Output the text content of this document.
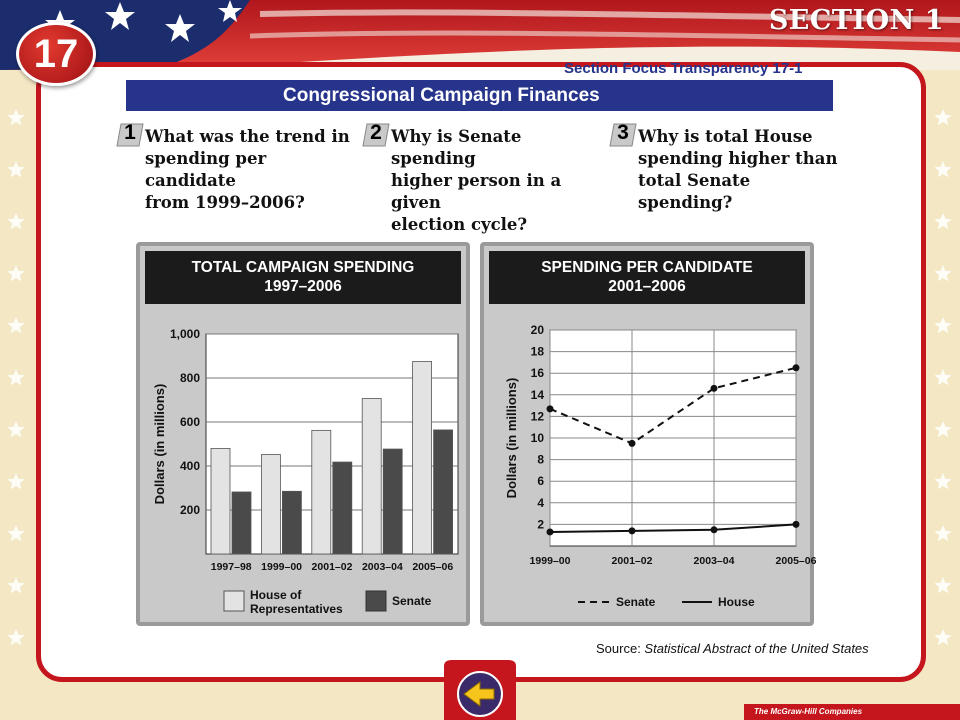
17
SECTION 1
Section Focus Transparency 17-1
Congressional Campaign Finances
1 What was the trend in
spending per candidate
from 1999–2006?
2 Why is Senate spending
higher person in a given
election cycle?
3 Why is total House
spending higher than
total Senate spending?
TOTAL CAMPAIGN SPENDING
1997–2006
200
400
600
800
1,000
Dollars (in millions)
1997–98 1999–00 2001–02 2003–04 2005–06
House of
Representatives
Senate
SPENDING PER CANDIDATE
2001–2006
2
4
6
8
10
12
14
16
18
20
1999–00	2001–02	2003–04	2005–06
Dollars (in millions)
Senate	House
Source: Statistical Abstract of the United States
The McGraw-Hill Companies
